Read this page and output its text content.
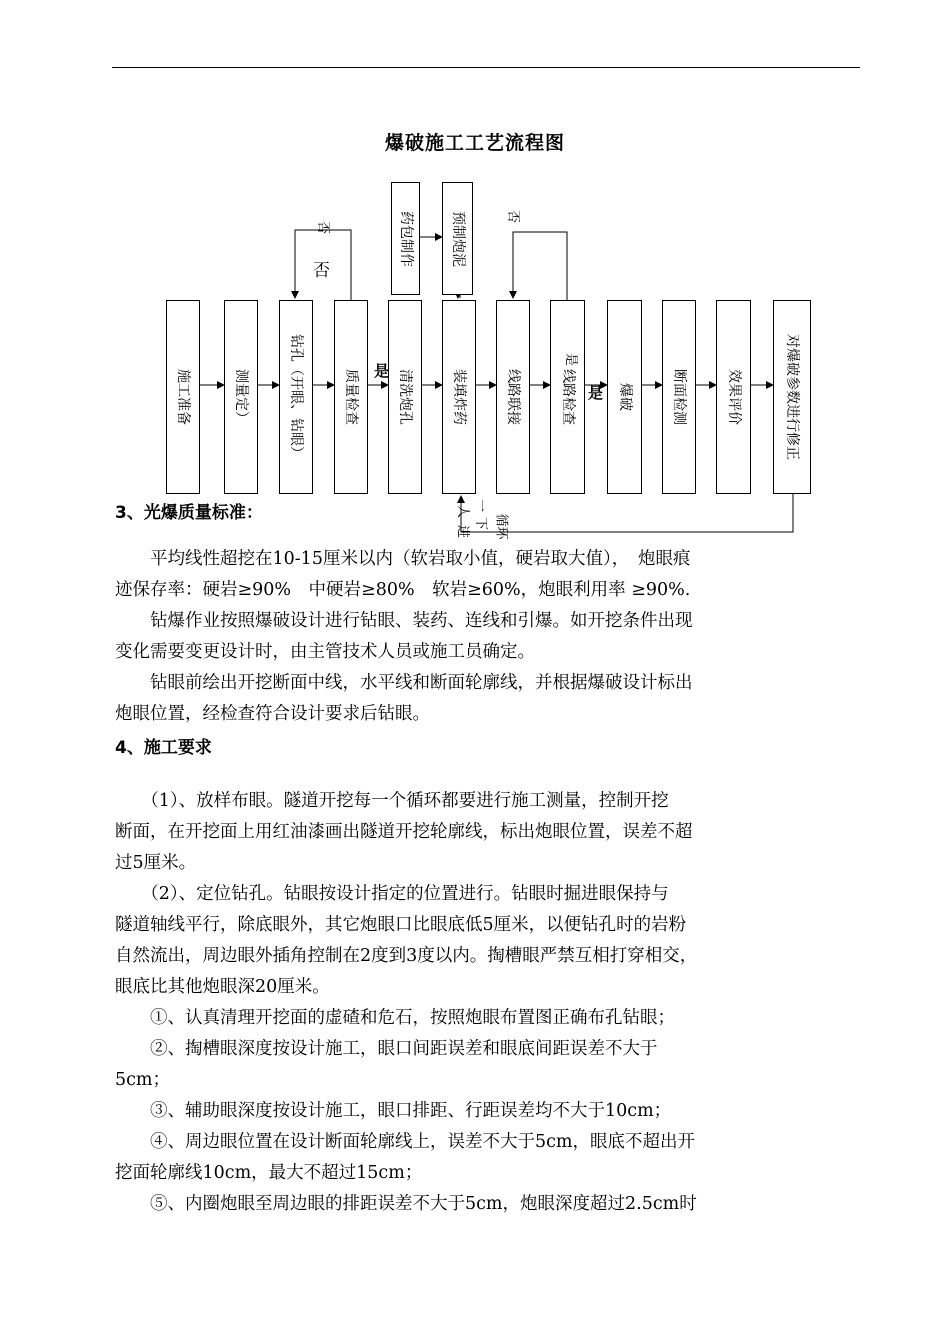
爆破施工工艺流程图
施工准备	测量定）	钻孔（开眼、钻眼）	质量检查	清洗炮孔	装填炸药	线路联接	线路检查	爆破	断面检测	效果评价	对爆破参数进行修正
药包制作	预制炮泥
否
否
是
否
是
是
人 一
进
下 循环
3、光爆质量标准：
　　平均线性超挖在10-15厘米以内（软岩取小值，硬岩取大值），　炮眼痕
迹保存率：硬岩≥90%　中硬岩≥80%　软岩≥60%，炮眼利用率 ≥90%.
　　钻爆作业按照爆破设计进行钻眼、装药、连线和引爆。如开挖条件出现
变化需要变更设计时，由主管技术人员或施工员确定。
　　钻眼前绘出开挖断面中线，水平线和断面轮廓线，并根据爆破设计标出
炮眼位置，经检查符合设计要求后钻眼。
4、施工要求
　　（1）、放样布眼。隧道开挖每一个循环都要进行施工测量，控制开挖
断面，在开挖面上用红油漆画出隧道开挖轮廓线，标出炮眼位置，误差不超
过5厘米。
　　（2）、定位钻孔。钻眼按设计指定的位置进行。钻眼时掘进眼保持与
隧道轴线平行，除底眼外，其它炮眼口比眼底低5厘米，以便钻孔时的岩粉
自然流出，周边眼外插角控制在2度到3度以内。掏槽眼严禁互相打穿相交，
眼底比其他炮眼深20厘米。
　　①、认真清理开挖面的虚碴和危石，按照炮眼布置图正确布孔钻眼；
　　②、掏槽眼深度按设计施工，眼口间距误差和眼底间距误差不大于
5cm；
　　③、辅助眼深度按设计施工，眼口排距、行距误差均不大于10cm；
　　④、周边眼位置在设计断面轮廓线上，误差不大于5cm，眼底不超出开
挖面轮廓线10cm，最大不超过15cm；
　　⑤、内圈炮眼至周边眼的排距误差不大于5cm，炮眼深度超过2.5cm时
